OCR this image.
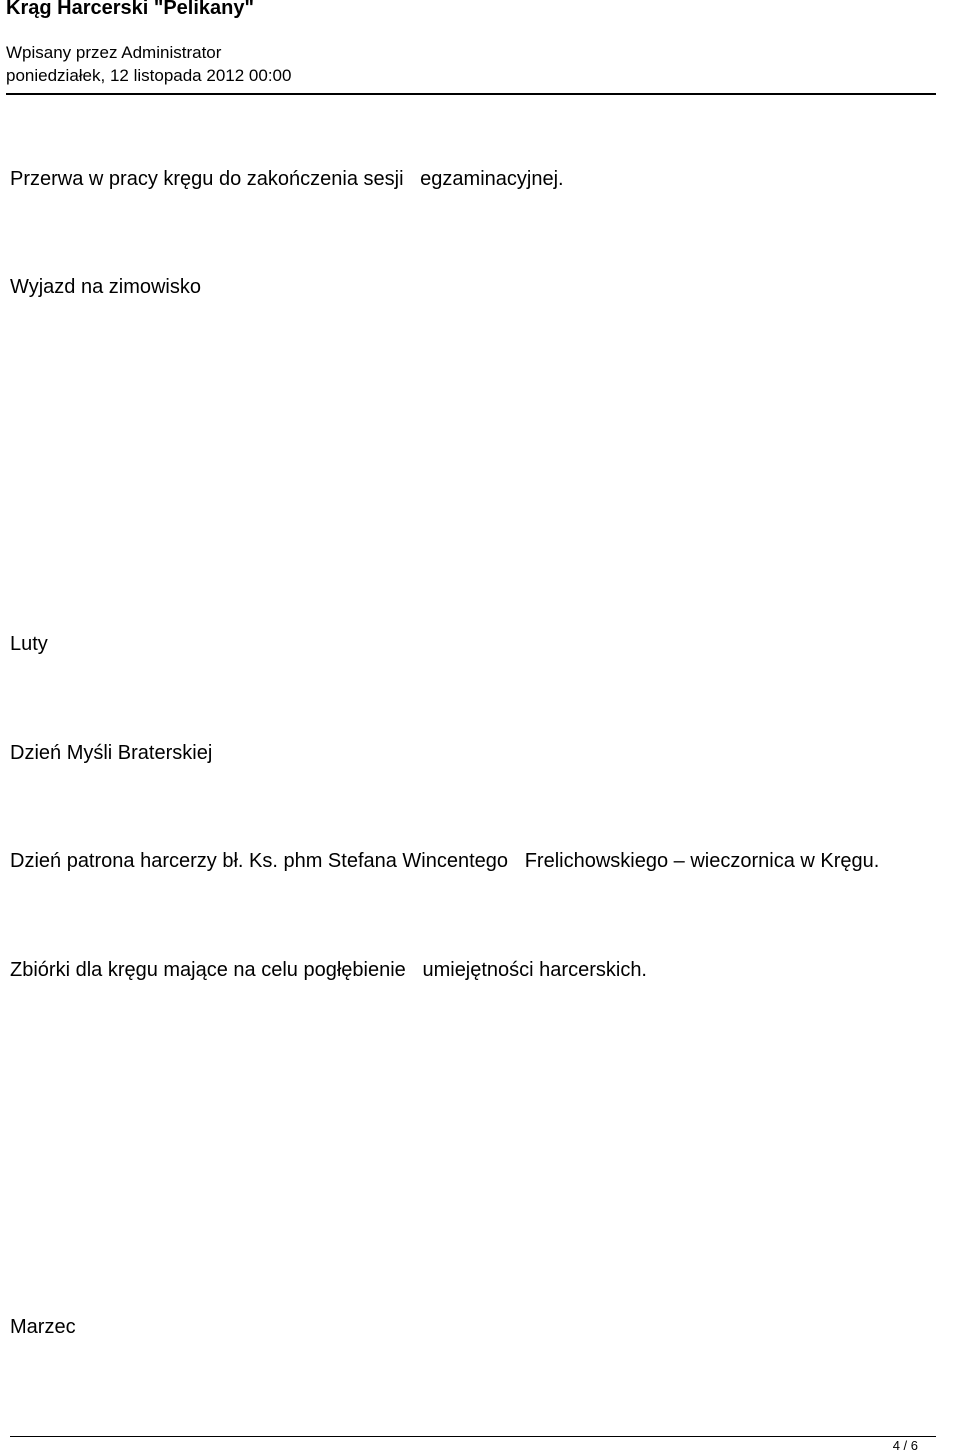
Krąg Harcerski "Pelikany"
Wpisany przez Administrator
poniedziałek, 12 listopada 2012 00:00
Przerwa w pracy kręgu do zakończenia sesji   egzaminacyjnej.
Wyjazd na zimowisko
Luty
Dzień Myśli Braterskiej
Dzień patrona harcerzy bł. Ks. phm Stefana Wincentego   Frelichowskiego – wieczornica w Kręgu.
Zbiórki dla kręgu mające na celu pogłębienie   umiejętności harcerskich.
Marzec
4 / 6
